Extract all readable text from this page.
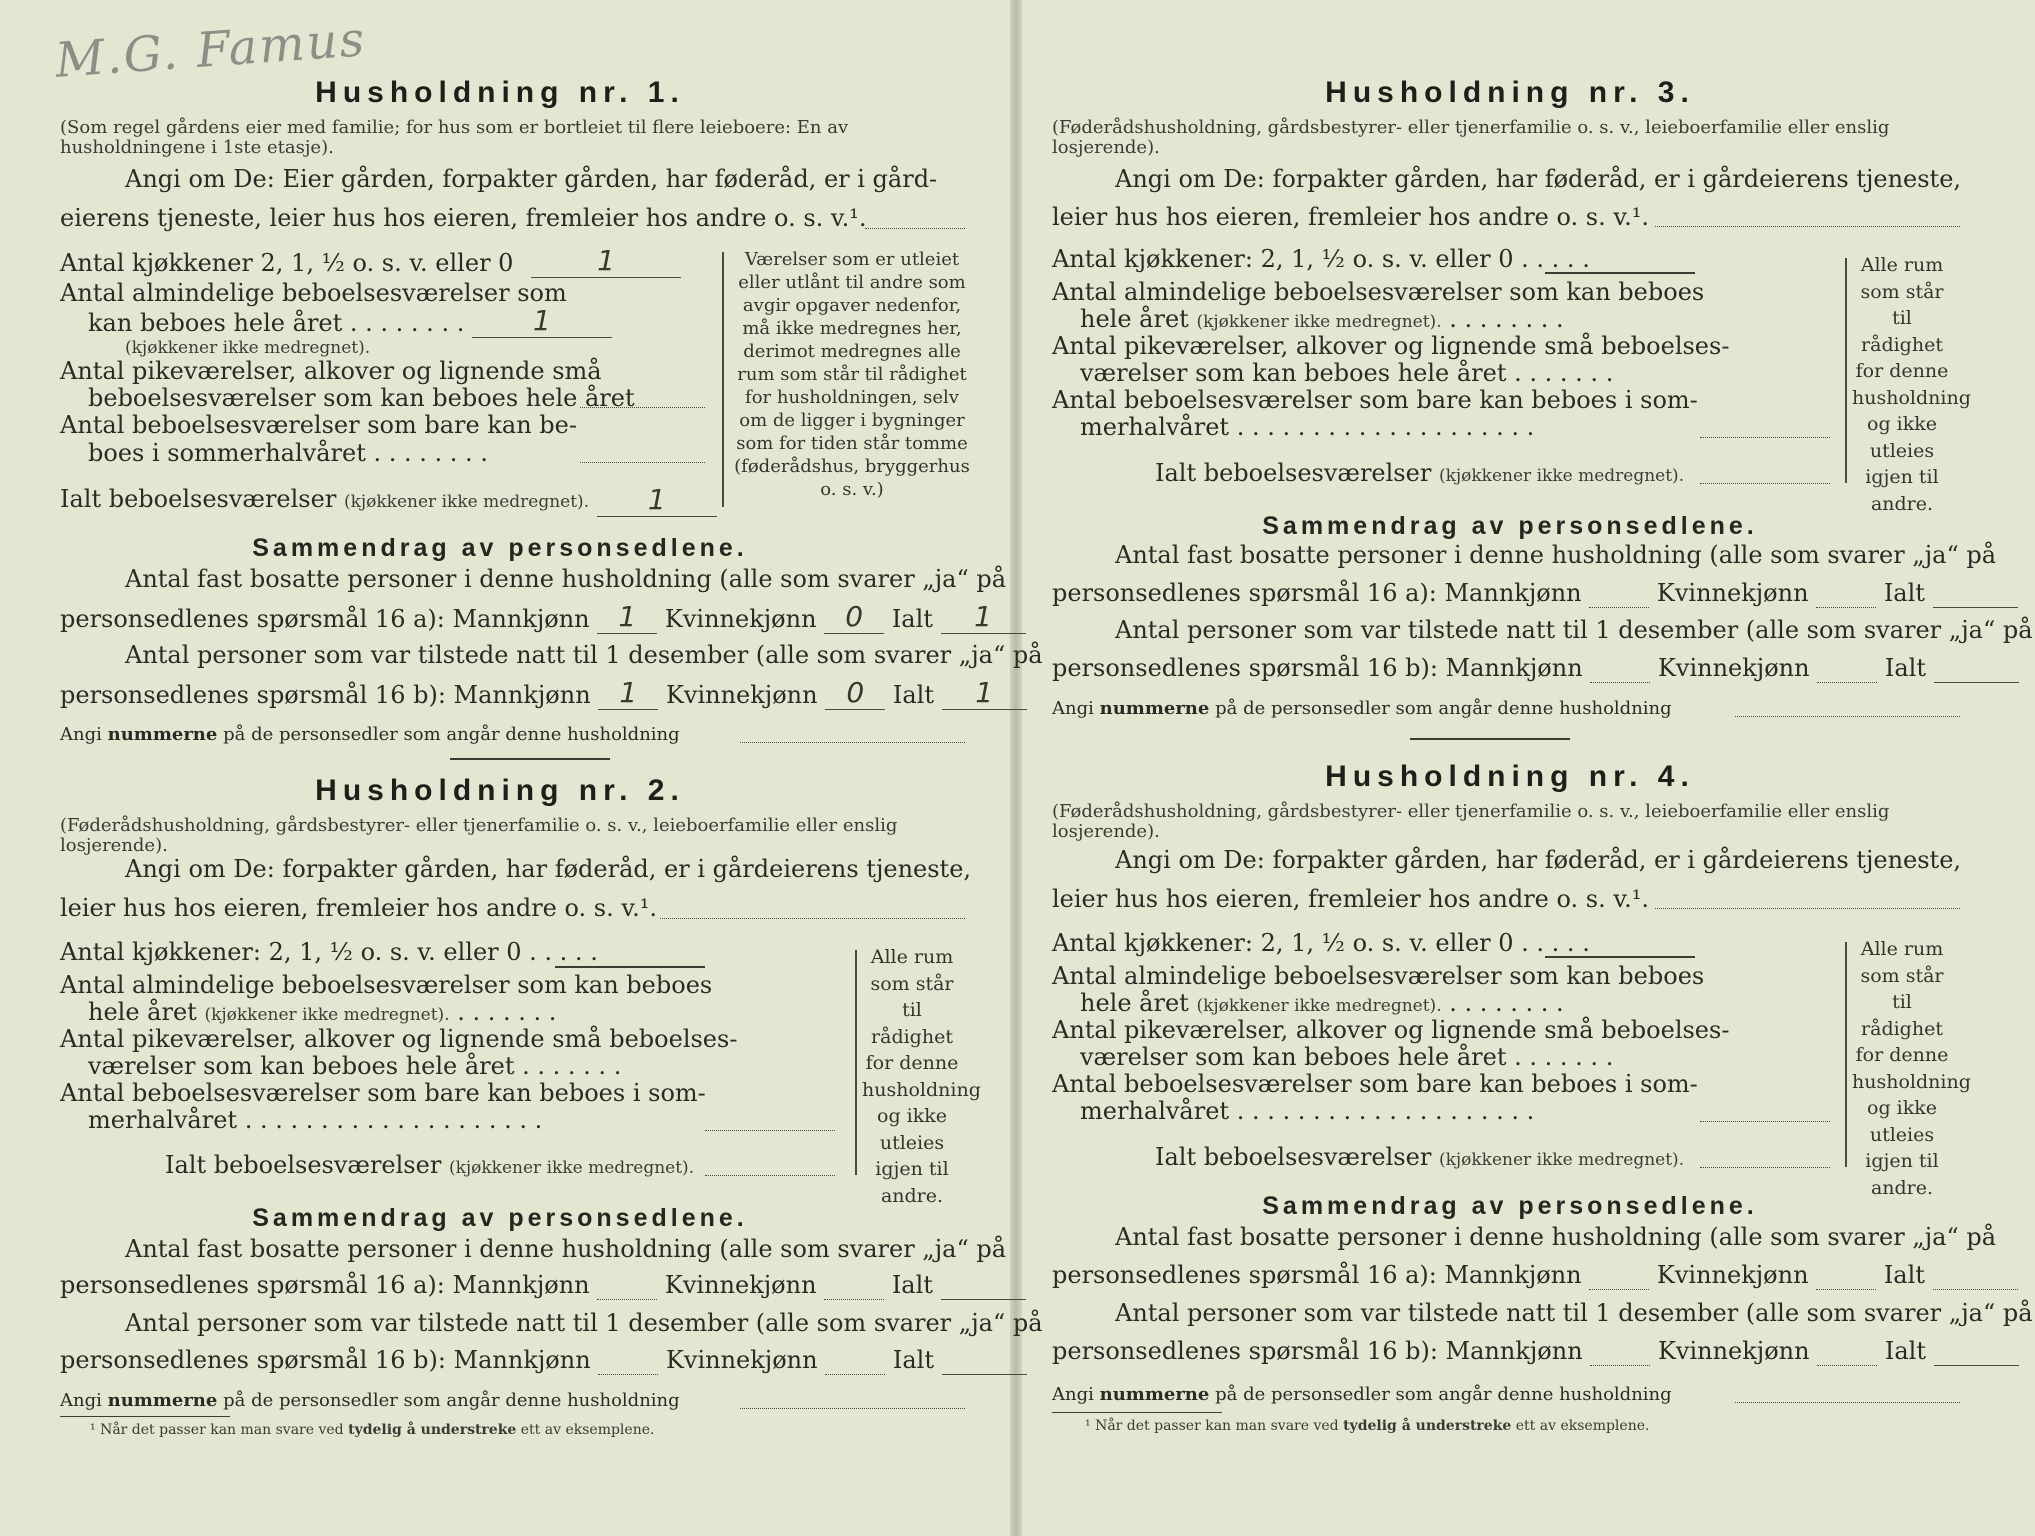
M.G. Famus
Husholdning nr. 1.
(Som regel gårdens eier med familie; for hus som er bortleiet til flere leieboere: En av husholdningene i 1ste etasje).
Angi om De: Eier gården, forpakter gården, har føderåd, er i gård-
eierens tjeneste, leier hus hos eieren, fremleier hos andre o. s. v.¹.
Antal kjøkkener 2, 1, ½ o. s. v. eller 0	1
Antal almindelige beboelsesværelser som
kan beboes hele året . . . . . . . . 1
(kjøkkener ikke medregnet).
Antal pikeværelser, alkover og lignende små
beboelsesværelser som kan beboes hele året
Antal beboelsesværelser som bare kan be-
boes i sommerhalvåret . . . . . . . .
Ialt beboelsesværelser (kjøkkener ikke medregnet). 1
Værelser som er utleiet eller utlånt til andre som avgir opgaver nedenfor, må ikke medregnes her, derimot medregnes alle rum som står til rådighet for husholdningen, selv om de ligger i bygninger som for tiden står tomme (føderådshus, bryggerhus o. s. v.)
Sammendrag av personsedlene.
Antal fast bosatte personer i denne husholdning (alle som svarer „ja“ på
personsedlenes spørsmål 16 a): Mannkjønn 1 Kvinnekjønn 0 Ialt 1
Antal personer som var tilstede natt til 1 desember (alle som svarer „ja“ på
personsedlenes spørsmål 16 b): Mannkjønn 1 Kvinnekjønn 0 Ialt 1
Angi nummerne på de personsedler som angår denne husholdning
Husholdning nr. 2.
(Føderådshusholdning, gårdsbestyrer- eller tjenerfamilie o. s. v., leieboerfamilie eller enslig losjerende).
Angi om De: forpakter gården, har føderåd, er i gårdeierens tjeneste,
leier hus hos eieren, fremleier hos andre o. s. v.¹.
Antal kjøkkener: 2, 1, ½ o. s. v. eller 0 . . . . .
Antal almindelige beboelsesværelser som kan beboes
hele året (kjøkkener ikke medregnet). . . . . . . .
Antal pikeværelser, alkover og lignende små beboelses-
værelser som kan beboes hele året . . . . . . .
Antal beboelsesværelser som bare kan beboes i som-
merhalvåret . . . . . . . . . . . . . . . . . . . .
Ialt beboelsesværelser (kjøkkener ikke medregnet).
Alle rum som står til rådighet for denne husholdning og ikke utleies igjen til andre.
Sammendrag av personsedlene.
Antal fast bosatte personer i denne husholdning (alle som svarer „ja“ på
personsedlenes spørsmål 16 a): Mannkjønn	Kvinnekjønn	Ialt
Antal personer som var tilstede natt til 1 desember (alle som svarer „ja“ på
personsedlenes spørsmål 16 b): Mannkjønn	Kvinnekjønn	Ialt
Angi nummerne på de personsedler som angår denne husholdning
¹ Når det passer kan man svare ved tydelig å understreke ett av eksemplene.
Husholdning nr. 3.
(Føderådshusholdning, gårdsbestyrer- eller tjenerfamilie o. s. v., leieboerfamilie eller enslig losjerende).
Angi om De: forpakter gården, har føderåd, er i gårdeierens tjeneste,
leier hus hos eieren, fremleier hos andre o. s. v.¹.
Antal kjøkkener: 2, 1, ½ o. s. v. eller 0 . . . . .
Antal almindelige beboelsesværelser som kan beboes
hele året (kjøkkener ikke medregnet). . . . . . . . .
Antal pikeværelser, alkover og lignende små beboelses-
værelser som kan beboes hele året . . . . . . .
Antal beboelsesværelser som bare kan beboes i som-
merhalvåret . . . . . . . . . . . . . . . . . . . .
Ialt beboelsesværelser (kjøkkener ikke medregnet).
Alle rum som står til rådighet for denne husholdning og ikke utleies igjen til andre.
Sammendrag av personsedlene.
Antal fast bosatte personer i denne husholdning (alle som svarer „ja“ på
personsedlenes spørsmål 16 a): Mannkjønn	Kvinnekjønn	Ialt
Antal personer som var tilstede natt til 1 desember (alle som svarer „ja“ på
personsedlenes spørsmål 16 b): Mannkjønn	Kvinnekjønn	Ialt
Angi nummerne på de personsedler som angår denne husholdning
Husholdning nr. 4.
(Føderådshusholdning, gårdsbestyrer- eller tjenerfamilie o. s. v., leieboerfamilie eller enslig losjerende).
Angi om De: forpakter gården, har føderåd, er i gårdeierens tjeneste,
leier hus hos eieren, fremleier hos andre o. s. v.¹.
Antal kjøkkener: 2, 1, ½ o. s. v. eller 0 . . . . .
Antal almindelige beboelsesværelser som kan beboes
hele året (kjøkkener ikke medregnet). . . . . . . . .
Antal pikeværelser, alkover og lignende små beboelses-
værelser som kan beboes hele året . . . . . . .
Antal beboelsesværelser som bare kan beboes i som-
merhalvåret . . . . . . . . . . . . . . . . . . . .
Ialt beboelsesværelser (kjøkkener ikke medregnet).
Alle rum som står til rådighet for denne husholdning og ikke utleies igjen til andre.
Sammendrag av personsedlene.
Antal fast bosatte personer i denne husholdning (alle som svarer „ja“ på
personsedlenes spørsmål 16 a): Mannkjønn	Kvinnekjønn	Ialt
Antal personer som var tilstede natt til 1 desember (alle som svarer „ja“ på
personsedlenes spørsmål 16 b): Mannkjønn	Kvinnekjønn	Ialt
Angi nummerne på de personsedler som angår denne husholdning
¹ Når det passer kan man svare ved tydelig å understreke ett av eksemplene.
